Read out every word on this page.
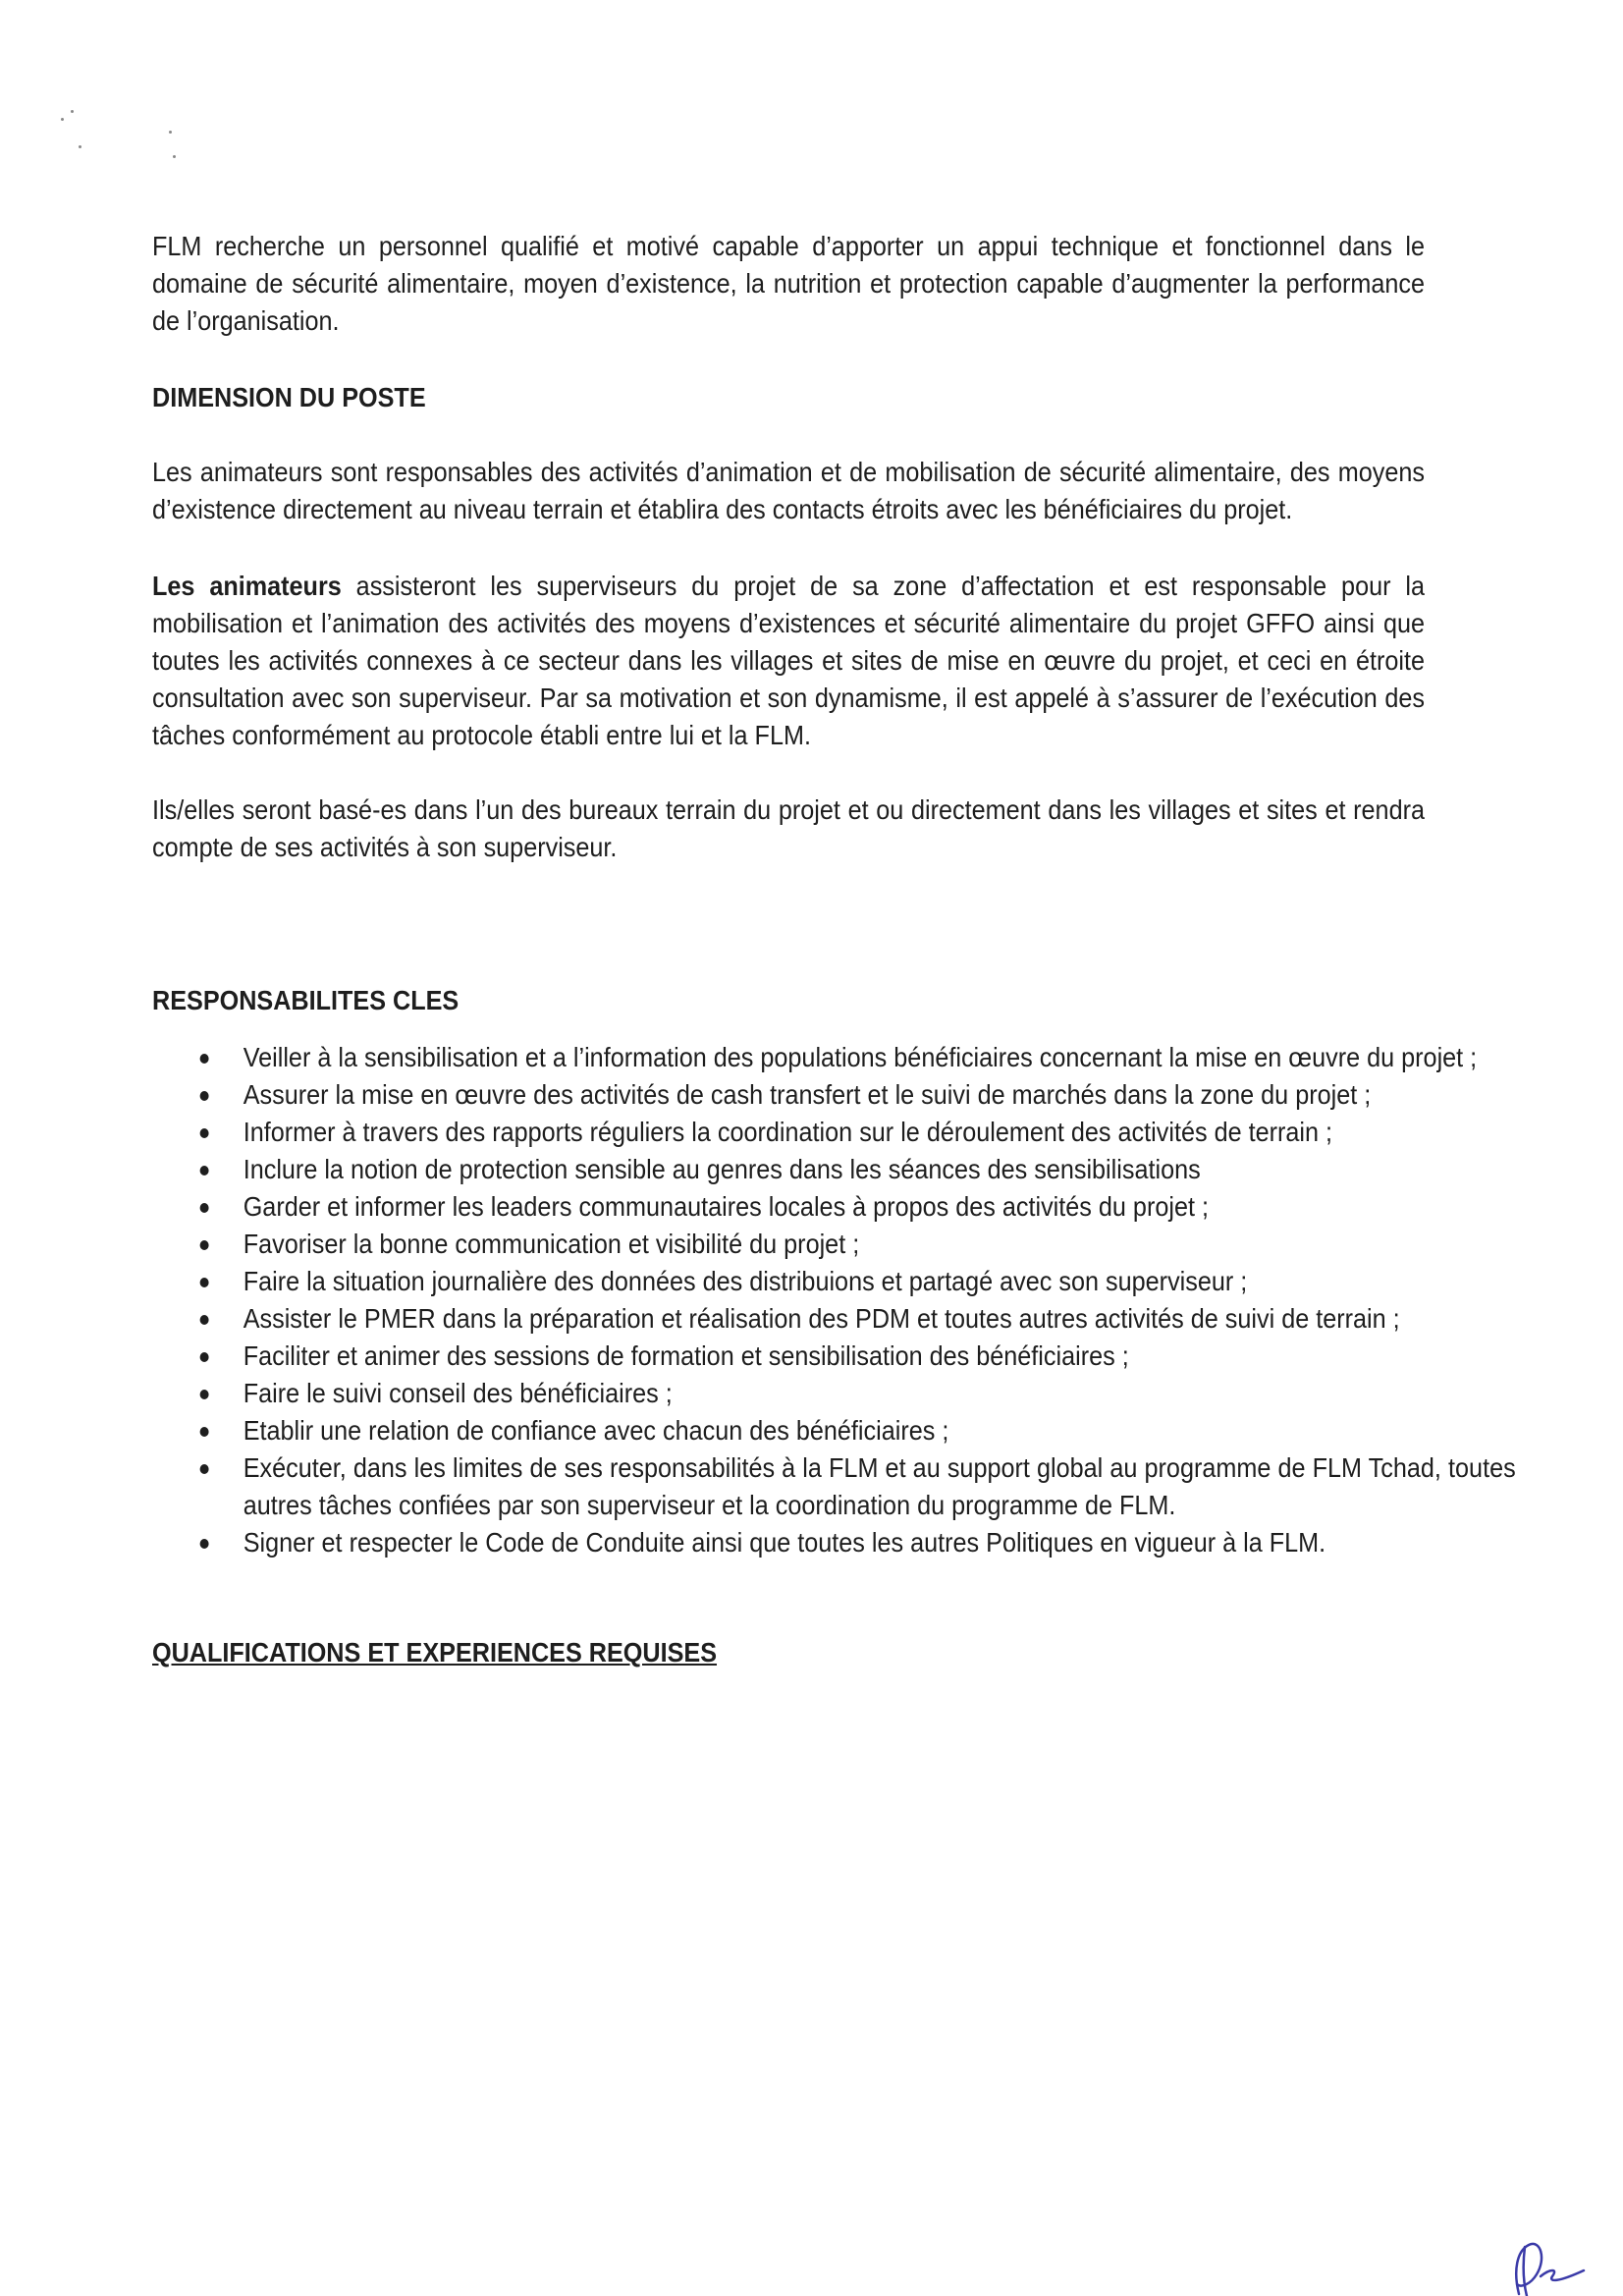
FLM recherche un personnel qualifié et motivé capable d’apporter un appui technique et fonctionnel dans le domaine de sécurité alimentaire, moyen d’existence, la nutrition et protection capable d’augmenter la performance de l’organisation.

DIMENSION DU POSTE

Les animateurs sont responsables des activités d’animation et de mobilisation de sécurité alimentaire, des moyens d’existence directement au niveau terrain et établira des contacts étroits avec les bénéficiaires du projet.

Les animateurs assisteront les superviseurs du projet de sa zone d’affectation et est responsable pour la mobilisation et l’animation des activités des moyens d’existences et sécurité alimentaire du projet GFFO ainsi que toutes les activités connexes à ce secteur dans les villages et sites de mise en œuvre du projet, et ceci en étroite consultation avec son superviseur. Par sa motivation et son dynamisme, il est appelé à s’assurer de l’exécution des tâches conformément au protocole établi entre lui et la FLM.

Ils/elles seront basé-es dans l’un des bureaux terrain du projet et ou directement dans les villages et sites et rendra compte de ses activités à son superviseur.

RESPONSABILITES CLES
Veiller à la sensibilisation et a l’information des populations bénéficiaires concernant la mise en œuvre du projet ;
Assurer la mise en œuvre des activités de cash transfert et le suivi de marchés dans la zone du projet ;
Informer à travers des rapports réguliers la coordination sur le déroulement des activités de terrain ;
Inclure la notion de protection sensible au genres dans les séances des sensibilisations
Garder et informer les leaders communautaires locales à propos des activités du projet ;
Favoriser la bonne communication et visibilité du projet ;
Faire la situation journalière des données des distribuions et partagé avec son superviseur ;
Assister le PMER dans la préparation et réalisation des PDM et toutes autres activités de suivi de terrain ;
Faciliter et animer des sessions de formation et sensibilisation des bénéficiaires ;
Faire le suivi conseil des bénéficiaires ;
Etablir une relation de confiance avec chacun des bénéficiaires ;
Exécuter, dans les limites de ses responsabilités à la FLM et au support global au programme de FLM Tchad, toutes autres tâches confiées par son superviseur et la coordination du programme de FLM.
Signer et respecter le Code de Conduite ainsi que toutes les autres Politiques en vigueur à la FLM.
QUALIFICATIONS ET EXPERIENCES REQUISES
